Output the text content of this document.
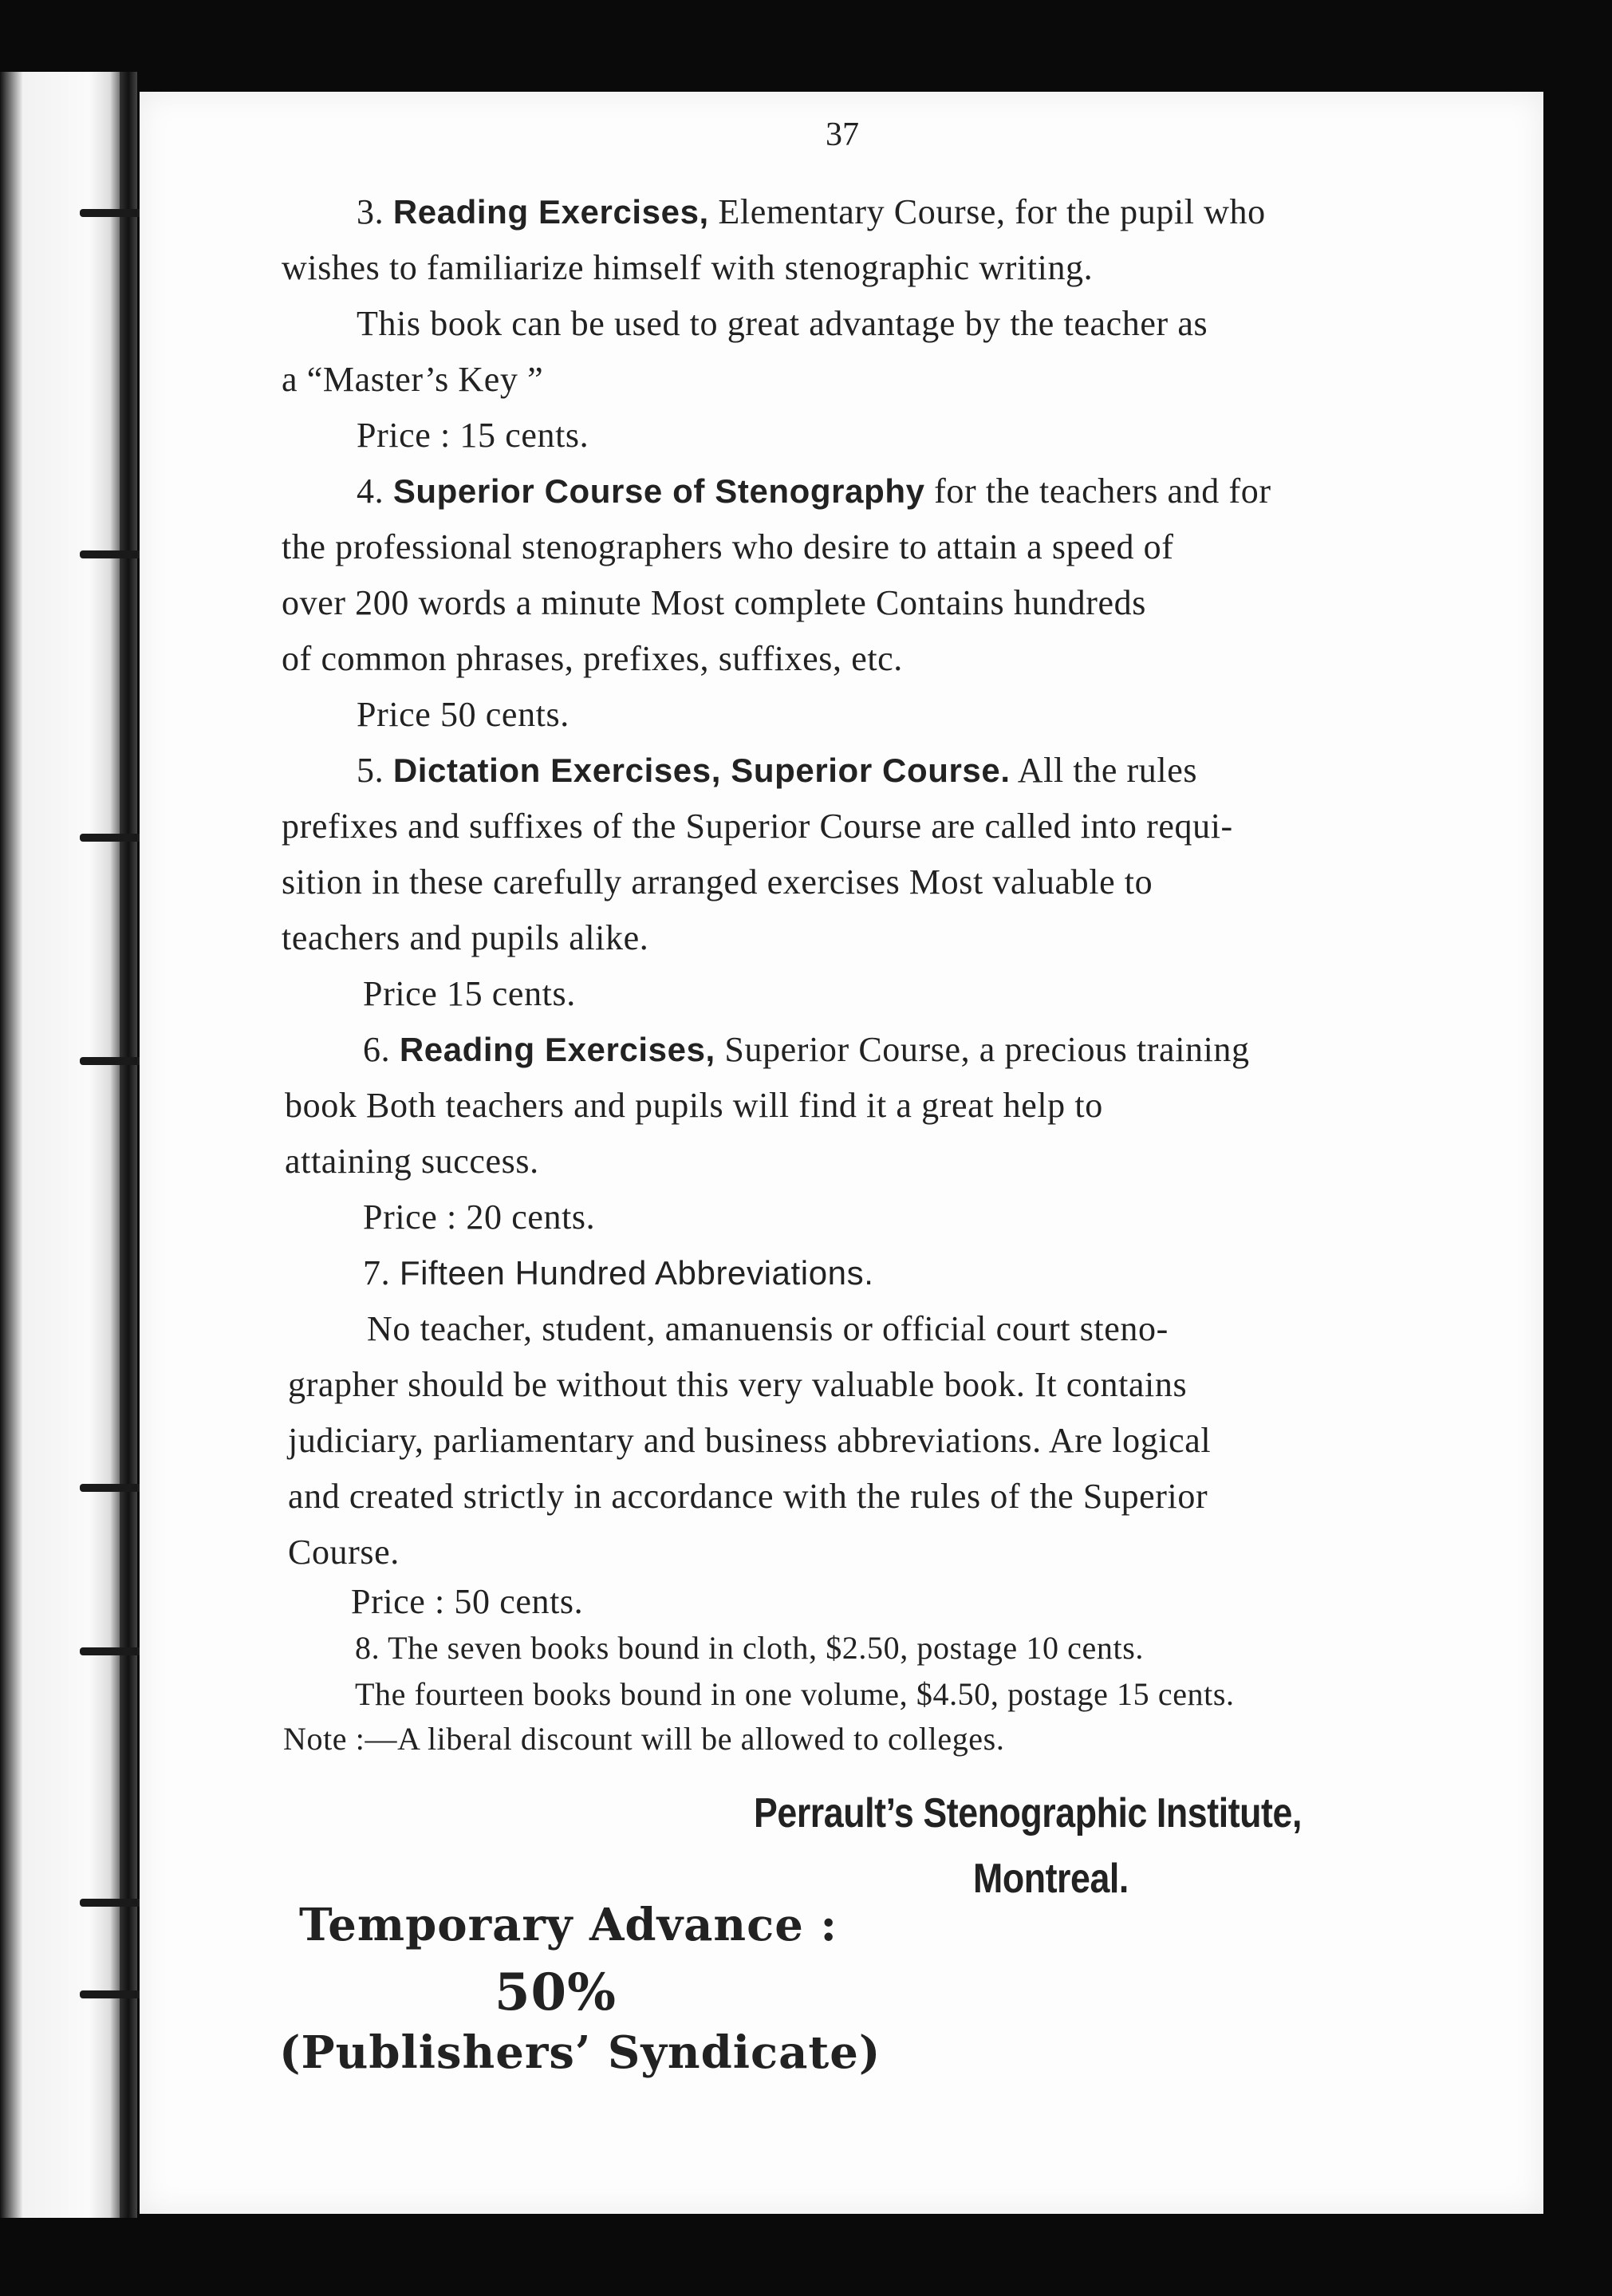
37

3. Reading Exercises, Elementary Course, for the pupil who

wishes to familiarize himself with stenographic writing.

This book can be used to great advantage by the teacher as

a “Master’s Key ”

Price : 15 cents.

4. Superior Course of Stenography for the teachers and for

the professional stenographers who desire to attain a speed of

over 200 words a minute Most complete Contains hundreds

of common phrases, prefixes, suffixes, etc.

Price 50 cents.

5. Dictation Exercises, Superior Course. All the rules

prefixes and suffixes of the Superior Course are called into requi-

sition in these carefully arranged exercises Most valuable to

teachers and pupils alike.

Price 15 cents.

6. Reading Exercises, Superior Course, a precious training

book Both teachers and pupils will find it a great help to

attaining success.

Price : 20 cents.

7. Fifteen Hundred Abbreviations.

No teacher, student, amanuensis or official court steno-

grapher should be without this very valuable book. It contains

judiciary, parliamentary and business abbreviations. Are logical

and created strictly in accordance with the rules of the Superior

Course.

Price : 50 cents.

8. The seven books bound in cloth, $2.50, postage 10 cents.

The fourteen books bound in one volume, $4.50, postage 15 cents.

Note :—A liberal discount will be allowed to colleges.

Perrault’s Stenographic Institute,
Montreal.
Temporary Advance :
50%
(Publishers’ Syndicate)
